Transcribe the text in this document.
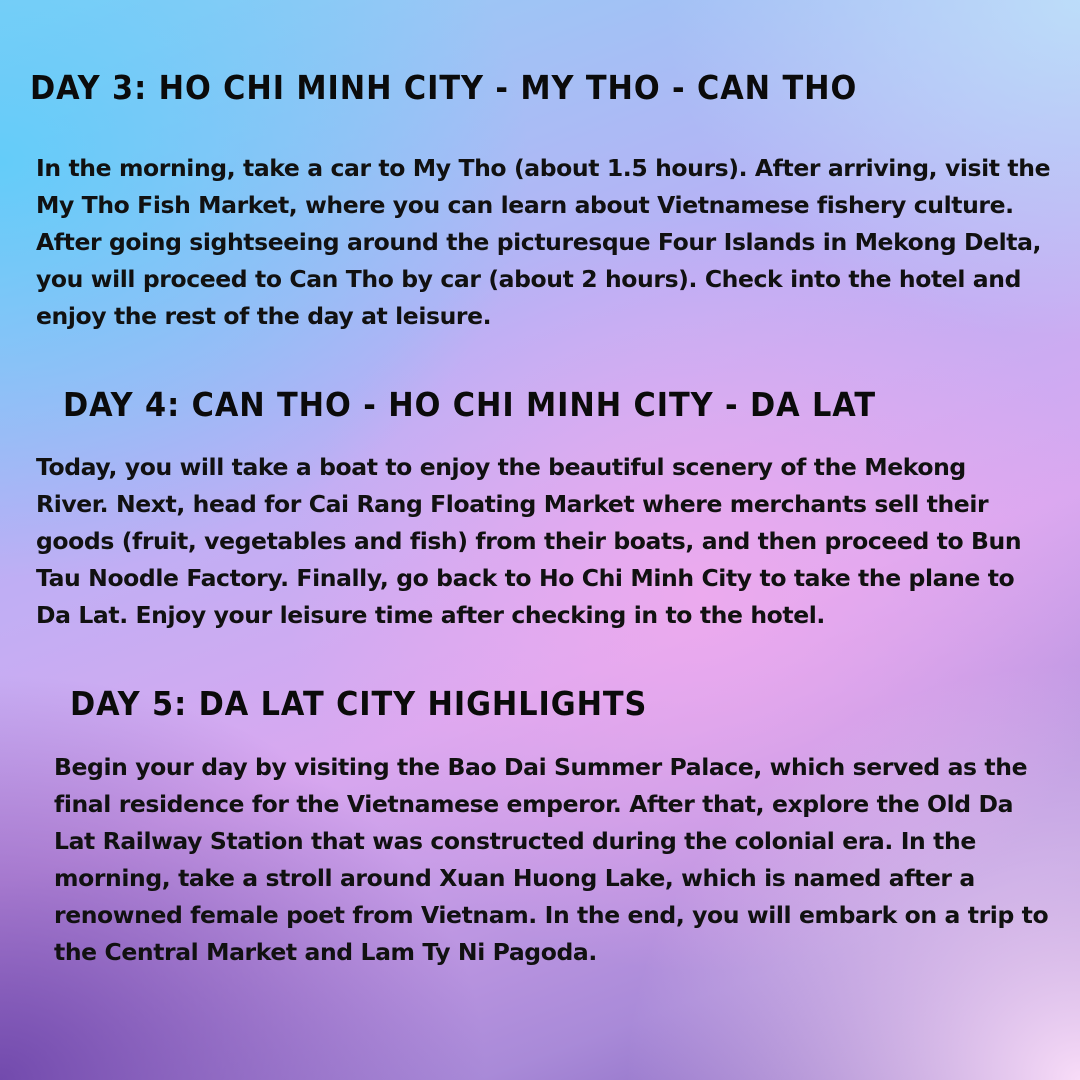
DAY 3: HO CHI MINH CITY - MY THO - CAN THO
In the morning, take a car to My Tho (about 1.5 hours). After arriving, visit the
My Tho Fish Market, where you can learn about Vietnamese fishery culture.
After going sightseeing around the picturesque Four Islands in Mekong Delta,
you will proceed to Can Tho by car (about 2 hours). Check into the hotel and
enjoy the rest of the day at leisure.
DAY 4: CAN THO - HO CHI MINH CITY - DA LAT
Today, you will take a boat to enjoy the beautiful scenery of the Mekong
River. Next, head for Cai Rang Floating Market where merchants sell their
goods (fruit, vegetables and fish) from their boats, and then proceed to Bun
Tau Noodle Factory. Finally, go back to Ho Chi Minh City to take the plane to
Da Lat. Enjoy your leisure time after checking in to the hotel.
DAY 5: DA LAT CITY HIGHLIGHTS
Begin your day by visiting the Bao Dai Summer Palace, which served as the
final residence for the Vietnamese emperor. After that, explore the Old Da
Lat Railway Station that was constructed during the colonial era. In the
morning, take a stroll around Xuan Huong Lake, which is named after a
renowned female poet from Vietnam. In the end, you will embark on a trip to
the Central Market and Lam Ty Ni Pagoda.
